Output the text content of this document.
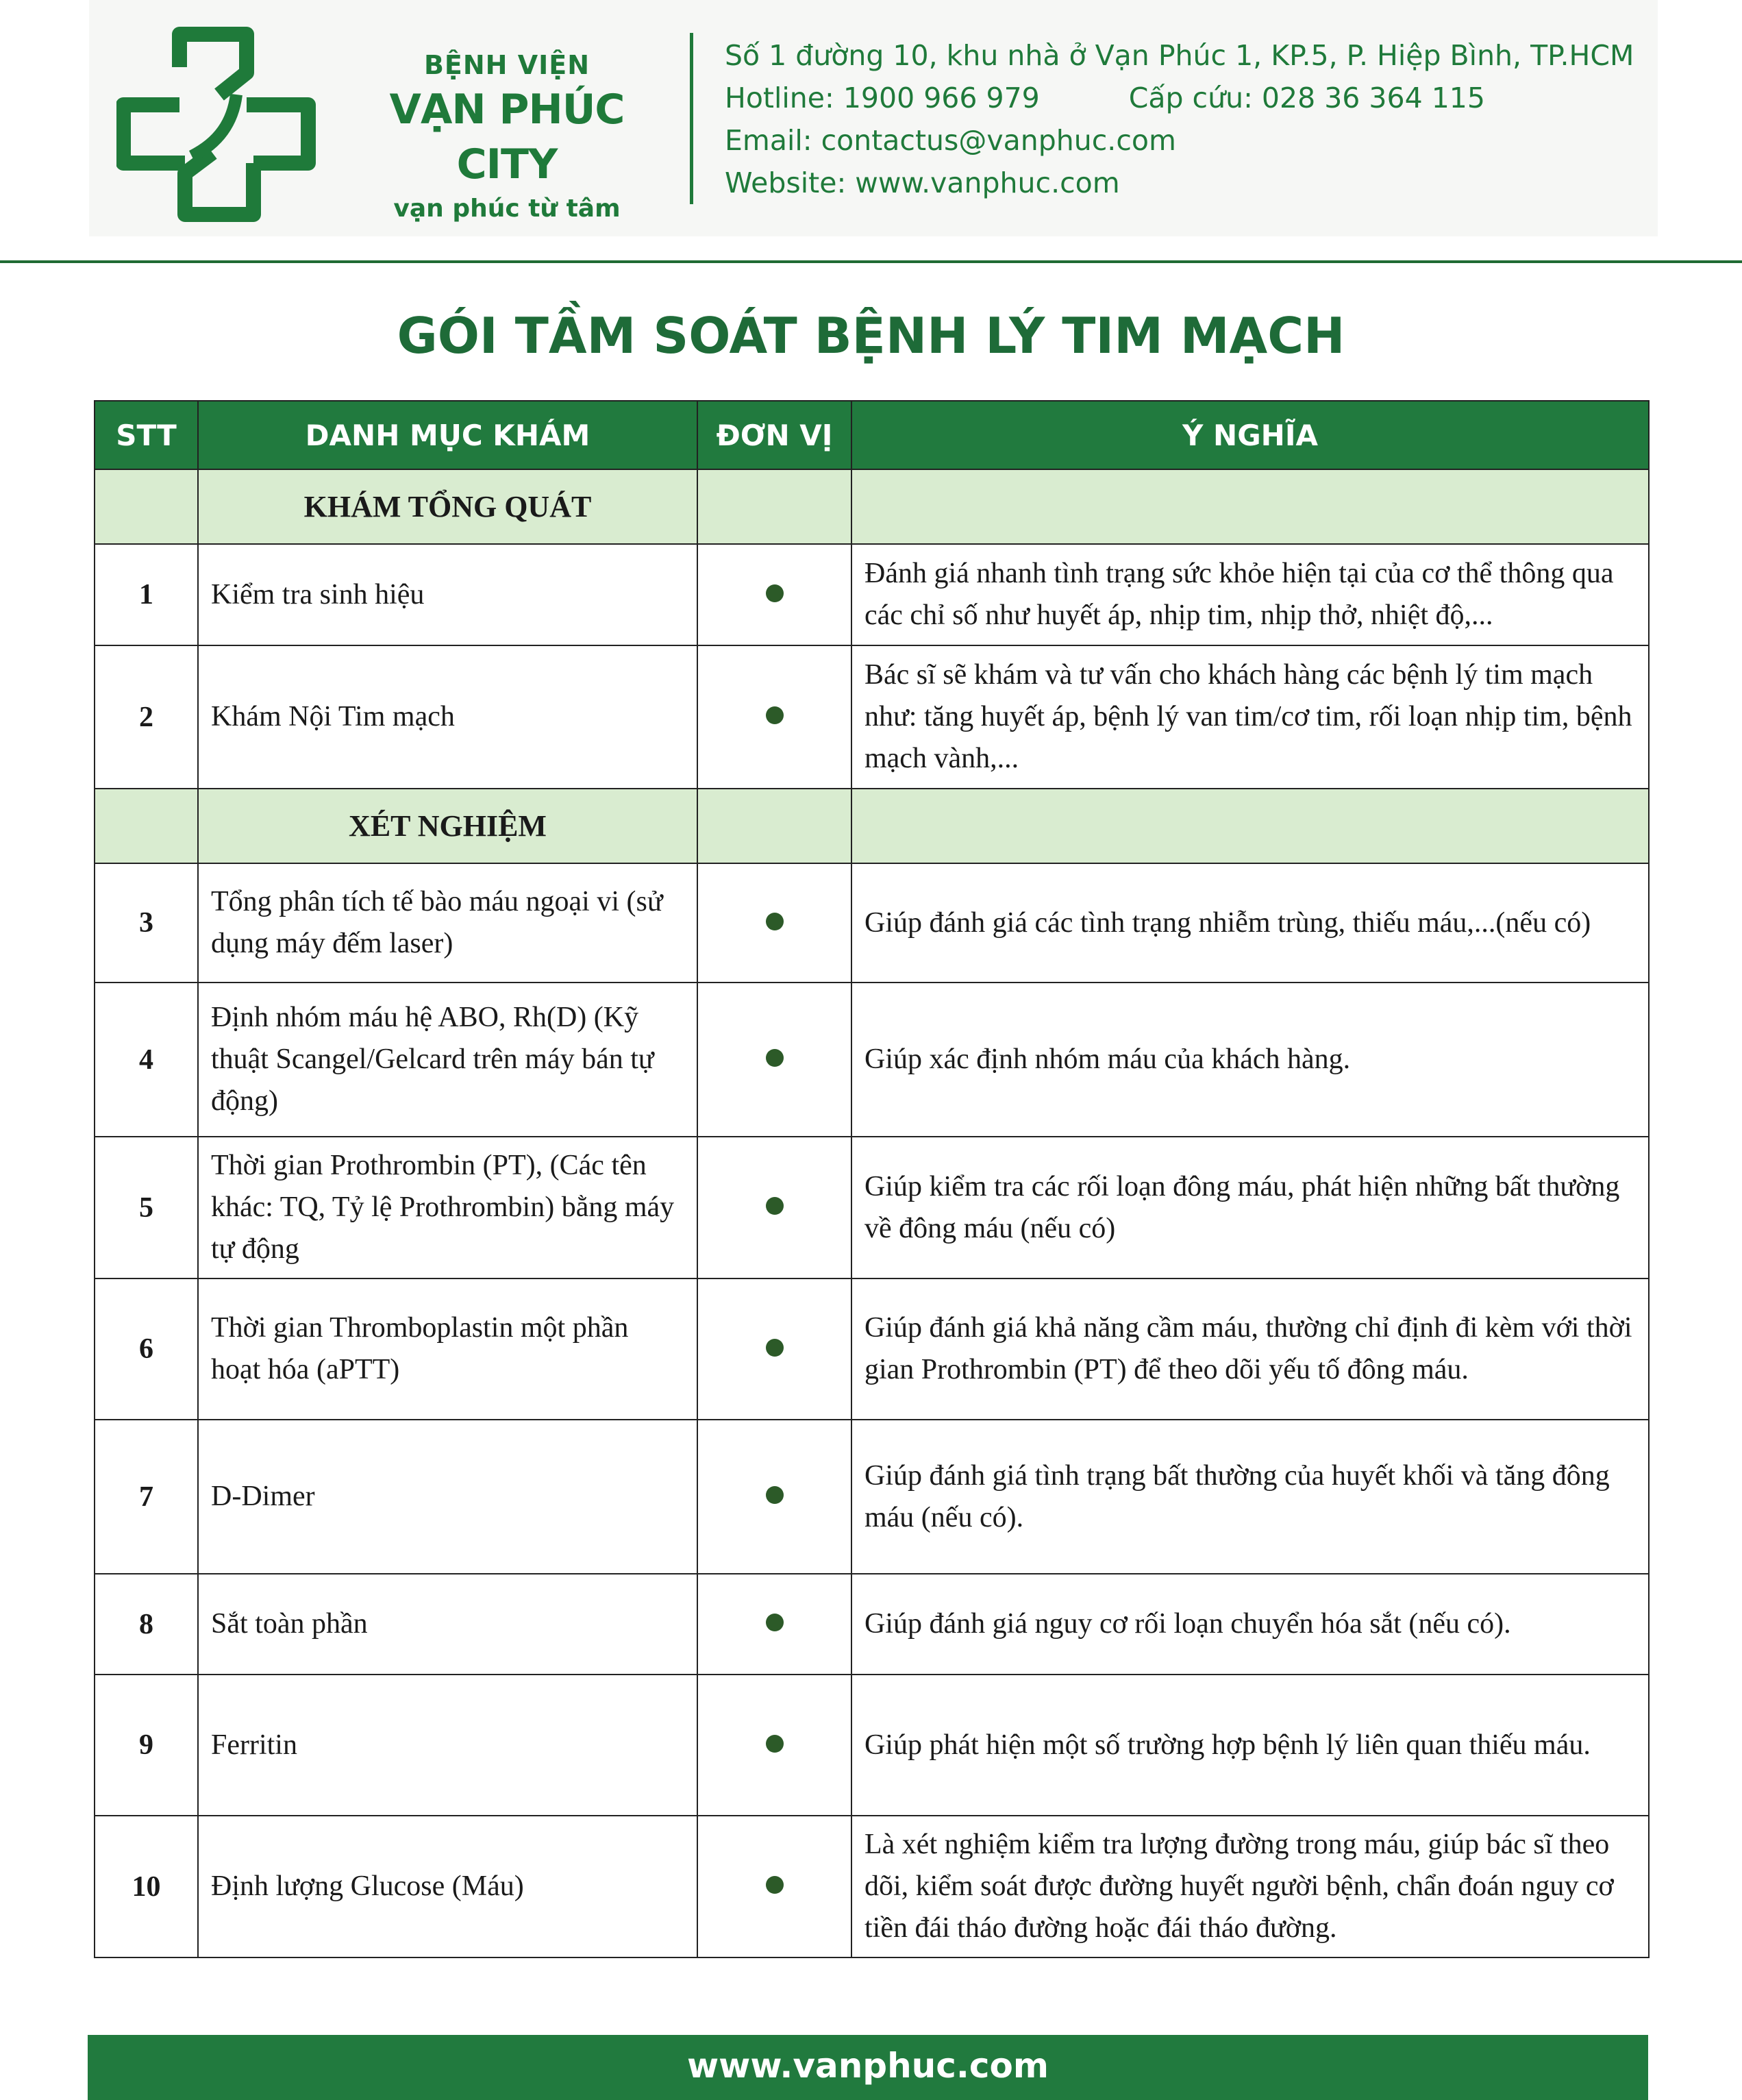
BỆNH VIỆN
VẠN PHÚC CITY
vạn phúc từ tâm
Số 1 đường 10, khu nhà ở Vạn Phúc 1, KP.5, P. Hiệp Bình, TP.HCM
Hotline: 1900 966 979	Cấp cứu: 028 36 364 115
Email: contactus@vanphuc.com
Website: www.vanphuc.com
GÓI TẦM SOÁT BỆNH LÝ TIM MẠCH
STT	DANH MỤC KHÁM	ĐƠN VỊ	Ý NGHĨA
	KHÁM TỔNG QUÁT		
1	Kiểm tra sinh hiệu		Đánh giá nhanh tình trạng sức khỏe hiện tại của cơ thể thông qua các chỉ số như huyết áp, nhịp tim, nhịp thở, nhiệt độ,...
2	Khám Nội Tim mạch		Bác sĩ sẽ khám và tư vấn cho khách hàng các bệnh lý tim mạch như: tăng huyết áp, bệnh lý van tim/cơ tim, rối loạn nhịp tim, bệnh mạch vành,...
	XÉT NGHIỆM		
3	Tổng phân tích tế bào máu ngoại vi (sử dụng máy đếm laser)		Giúp đánh giá các tình trạng nhiễm trùng, thiếu máu,...(nếu có)
4	Định nhóm máu hệ ABO, Rh(D) (Kỹ thuật Scangel/Gelcard trên máy bán tự động)		Giúp xác định nhóm máu của khách hàng.
5	Thời gian Prothrombin (PT), (Các tên khác: TQ, Tỷ lệ Prothrombin) bằng máy tự động		Giúp kiểm tra các rối loạn đông máu, phát hiện những bất thường về đông máu (nếu có)
6	Thời gian Thromboplastin một phần hoạt hóa (aPTT)		Giúp đánh giá khả năng cầm máu, thường chỉ định đi kèm với thời gian Prothrombin (PT) để theo dõi yếu tố đông máu.
7	D-Dimer		Giúp đánh giá tình trạng bất thường của huyết khối và tăng đông máu (nếu có).
8	Sắt toàn phần		Giúp đánh giá nguy cơ rối loạn chuyển hóa sắt (nếu có).
9	Ferritin		Giúp phát hiện một số trường hợp bệnh lý liên quan thiếu máu.
10	Định lượng Glucose (Máu)		Là xét nghiệm kiểm tra lượng đường trong máu, giúp bác sĩ theo dõi, kiểm soát được đường huyết người bệnh, chẩn đoán nguy cơ tiền đái tháo đường hoặc đái tháo đường.
www.vanphuc.com
